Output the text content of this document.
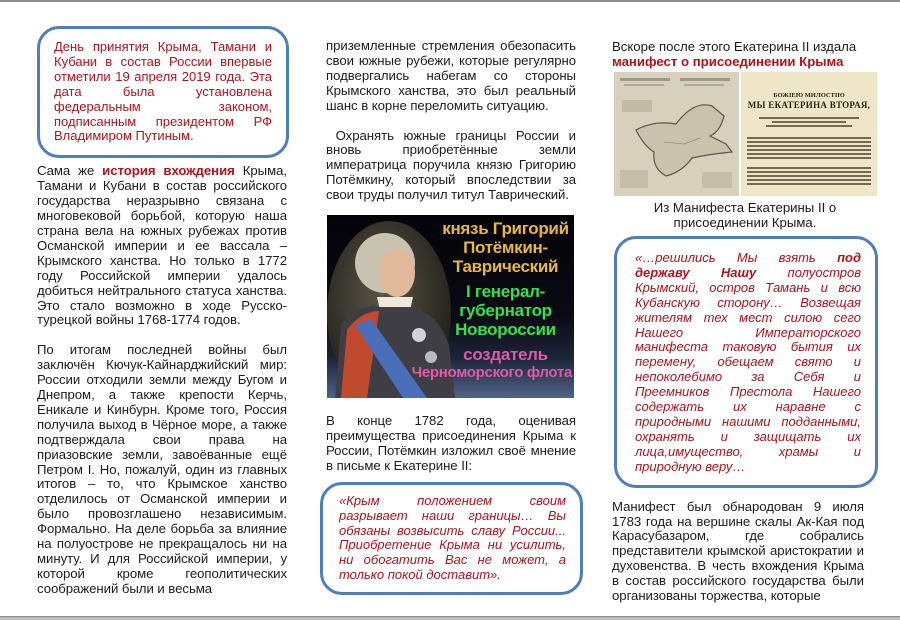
День принятия Крыма, Тамани и Кубани в состав России впервые отметили 19 апреля 2019 года. Эта дата была установлена федеральным законом, подписанным президентом РФ Владимиром Путиным.

Сама же история вхождения Крыма, Тамани и Кубани в состав российского государства неразрывно связана с многовековой борьбой, которую наша страна вела на южных рубежах против Османской империи и ее вассала – Крымского ханства. Но только в 1772 году Российской империи удалось добиться нейтрального статуса ханства. Это стало возможно в ходе Русско-турецкой войны 1768-1774 годов.

По итогам последней войны был заключён Кючук-Кайнарджийский мир: России отходили земли между Бугом и Днепром, а также крепости Керчь, Еникале и Кинбурн. Кроме того, Россия получила выход в Чёрное море, а также подтверждала свои права на приазовские земли, завоёванные ещё Петром I. Но, пожалуй, один из главных итогов – то, что Крымское ханство отделилось от Османской империи и было провозглашено независимым. Формально. На деле борьба за влияние на полуострове не прекращалось ни на минуту. И для Российской империи, у которой кроме геополитических соображений были и весьма

приземленные стремления обезопасить свои южные рубежи, которые регулярно подвергались набегам со стороны Крымского ханства, это был реальный шанс в корне переломить ситуацию.

Охранять южные границы России и вновь приобретённые земли императрица поручила князю Григорию Потёмкину, который впоследствии за свои труды получил титул Таврический.

князь Григорий
Потёмкин-
Таврический
I генерал-
губернатор
Новороссии
создатель
Черноморского флота

В конце 1782 года, оценивая преимущества присоединения Крыма к России, Потёмкин изложил своё мнение в письме к Екатерине II:

«Крым положением своим разрывает наши границы… Вы обязаны возвысить славу России... Приобретение Крыма ни усилить, ни обогатить Вас не может, а только покой доставит».
Вскоре после этого Екатерина II издала
манифест о присоединении Крыма
БОЖІЕЮ МИЛОСТІЮ
МЫ ЕКАТЕРИНА ВТОРАЯ,
Из Манифеста Екатерины II о присоединении Крыма.
«…решились Мы взять под державу Нашу полуостров Крымский, остров Тамань и всю Кубанскую сторону… Возвещая жителям тех мест силою сего Нашего Императорского манифеста таковую бытия их перемену, обещаем свято и непоколебимо за Себя и Преемников Престола Нашего содержать их наравне с природными нашими подданными, охранять и защищать их лица,имущество, храмы и природную веру…

Манифест был обнародован 9 июля 1783 года на вершине скалы Ак-Кая под Карасубазаром, где собрались представители крымской аристократии и духовенства. В честь вхождения Крыма в состав российского государства были организованы торжества, которые
